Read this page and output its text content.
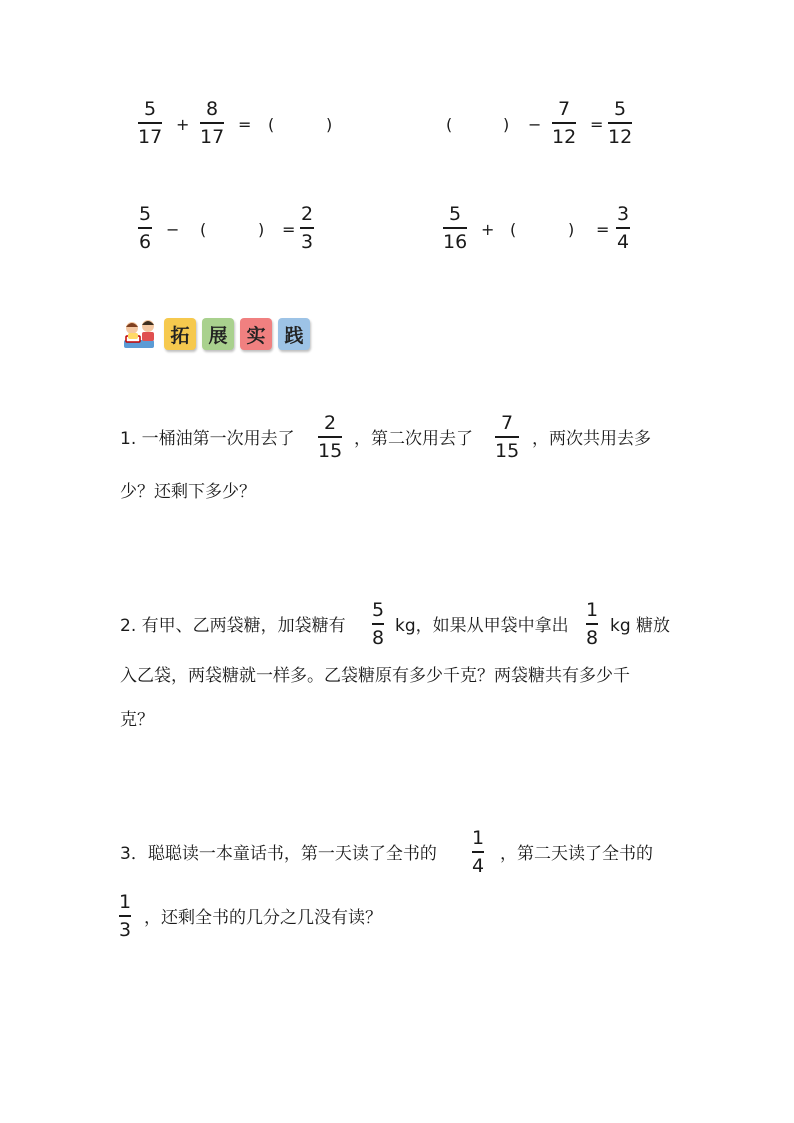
5
17
+
8
17
= (	)	(	) −
7
12
=
5
12
5
6
− (	) =
2
3
5
16
+ (	) =
3
4
拓 展 实 践
1. 一桶油第一次用去了
2
15
，第二次用去了
7
15
，两次共用去多
少？还剩下多少？
2. 有甲、乙两袋糖，加袋糖有
5
8
kg，如果从甲袋中拿出
1
8
kg 糖放
入乙袋，两袋糖就一样多。乙袋糖原有多少千克？两袋糖共有多少千
克？
3．聪聪读一本童话书，第一天读了全书的
1
4
，第二天读了全书的
1
3
，还剩全书的几分之几没有读？
